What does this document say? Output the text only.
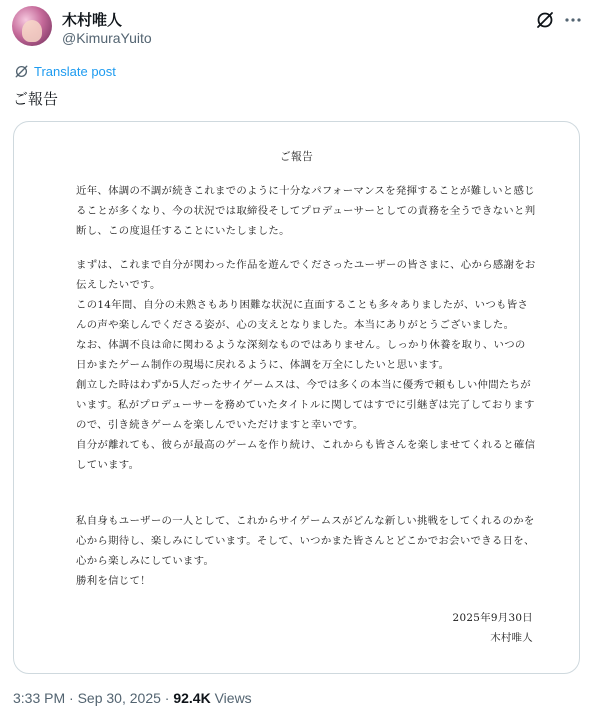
木村唯人
@KimuraYuito
Translate post
ご報告
ご報告

近年、体調の不調が続きこれまでのように十分なパフォーマンスを発揮することが難しいと感じることが多くなり、今の状況では取締役そしてプロデューサーとしての責務を全うできないと判断し、この度退任することにいたしました。

まずは、これまで自分が関わった作品を遊んでくださったユーザーの皆さまに、心から感謝をお伝えしたいです。
この14年間、自分の未熟さもあり困難な状況に直面することも多々ありましたが、いつも皆さんの声や楽しんでくださる姿が、心の支えとなりました。本当にありがとうございました。
なお、体調不良は命に関わるような深刻なものではありません。しっかり休養を取り、いつの日かまたゲーム制作の現場に戻れるように、体調を万全にしたいと思います。
創立した時はわずか5人だったサイゲームスは、今では多くの本当に優秀で頼もしい仲間たちがいます。私がプロデューサーを務めていたタイトルに関してはすでに引継ぎは完了しておりますので、引き続きゲームを楽しんでいただけますと幸いです。
自分が離れても、彼らが最高のゲームを作り続け、これからも皆さんを楽しませてくれると確信しています。

私自身もユーザーの一人として、これからサイゲームスがどんな新しい挑戦をしてくれるのかを心から期待し、楽しみにしています。そして、いつかまた皆さんとどこかでお会いできる日を、心から楽しみにしています。

勝利を信じて！

2025年9月30日
木村唯人
3:33 PM · Sep 30, 2025 · 92.4K Views
